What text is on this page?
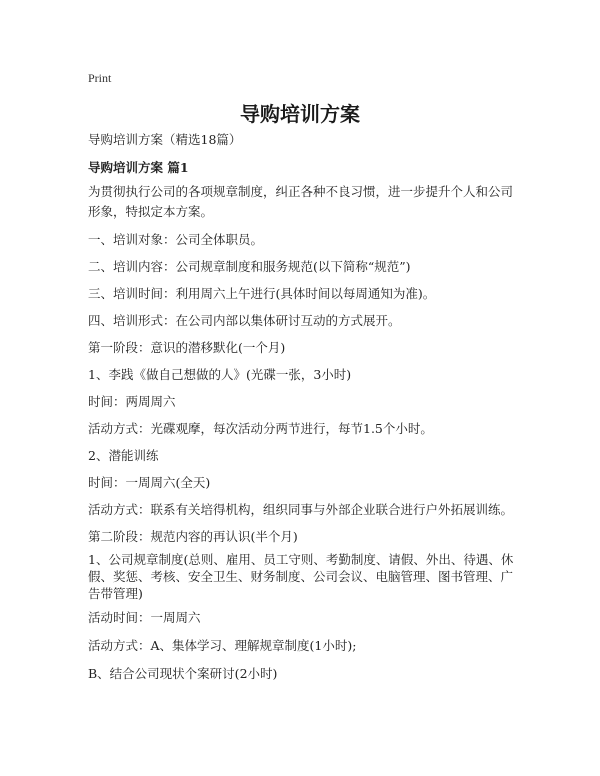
Print
导购培训方案
导购培训方案（精选18篇）
导购培训方案 篇1
为贯彻执行公司的各项规章制度，纠正各种不良习惯，进一步提升个人和公司形象，特拟定本方案。
一、培训对象：公司全体职员。
二、培训内容：公司规章制度和服务规范(以下简称“规范”)
三、培训时间：利用周六上午进行(具体时间以每周通知为准)。
四、培训形式：在公司内部以集体研讨互动的方式展开。
第一阶段：意识的潜移默化(一个月)
1、李践《做自己想做的人》(光碟一张，3小时)
时间：两周周六
活动方式：光碟观摩，每次活动分两节进行，每节1.5个小时。
2、潜能训练
时间：一周周六(全天)
活动方式：联系有关培得机构，组织同事与外部企业联合进行户外拓展训练。
第二阶段：规范内容的再认识(半个月)
1、公司规章制度(总则、雇用、员工守则、考勤制度、请假、外出、待遇、休假、奖惩、考核、安全卫生、财务制度、公司会议、电脑管理、图书管理、广告带管理)
活动时间：一周周六
活动方式：A、集体学习、理解规章制度(1小时);
B、结合公司现状个案研讨(2小时)
